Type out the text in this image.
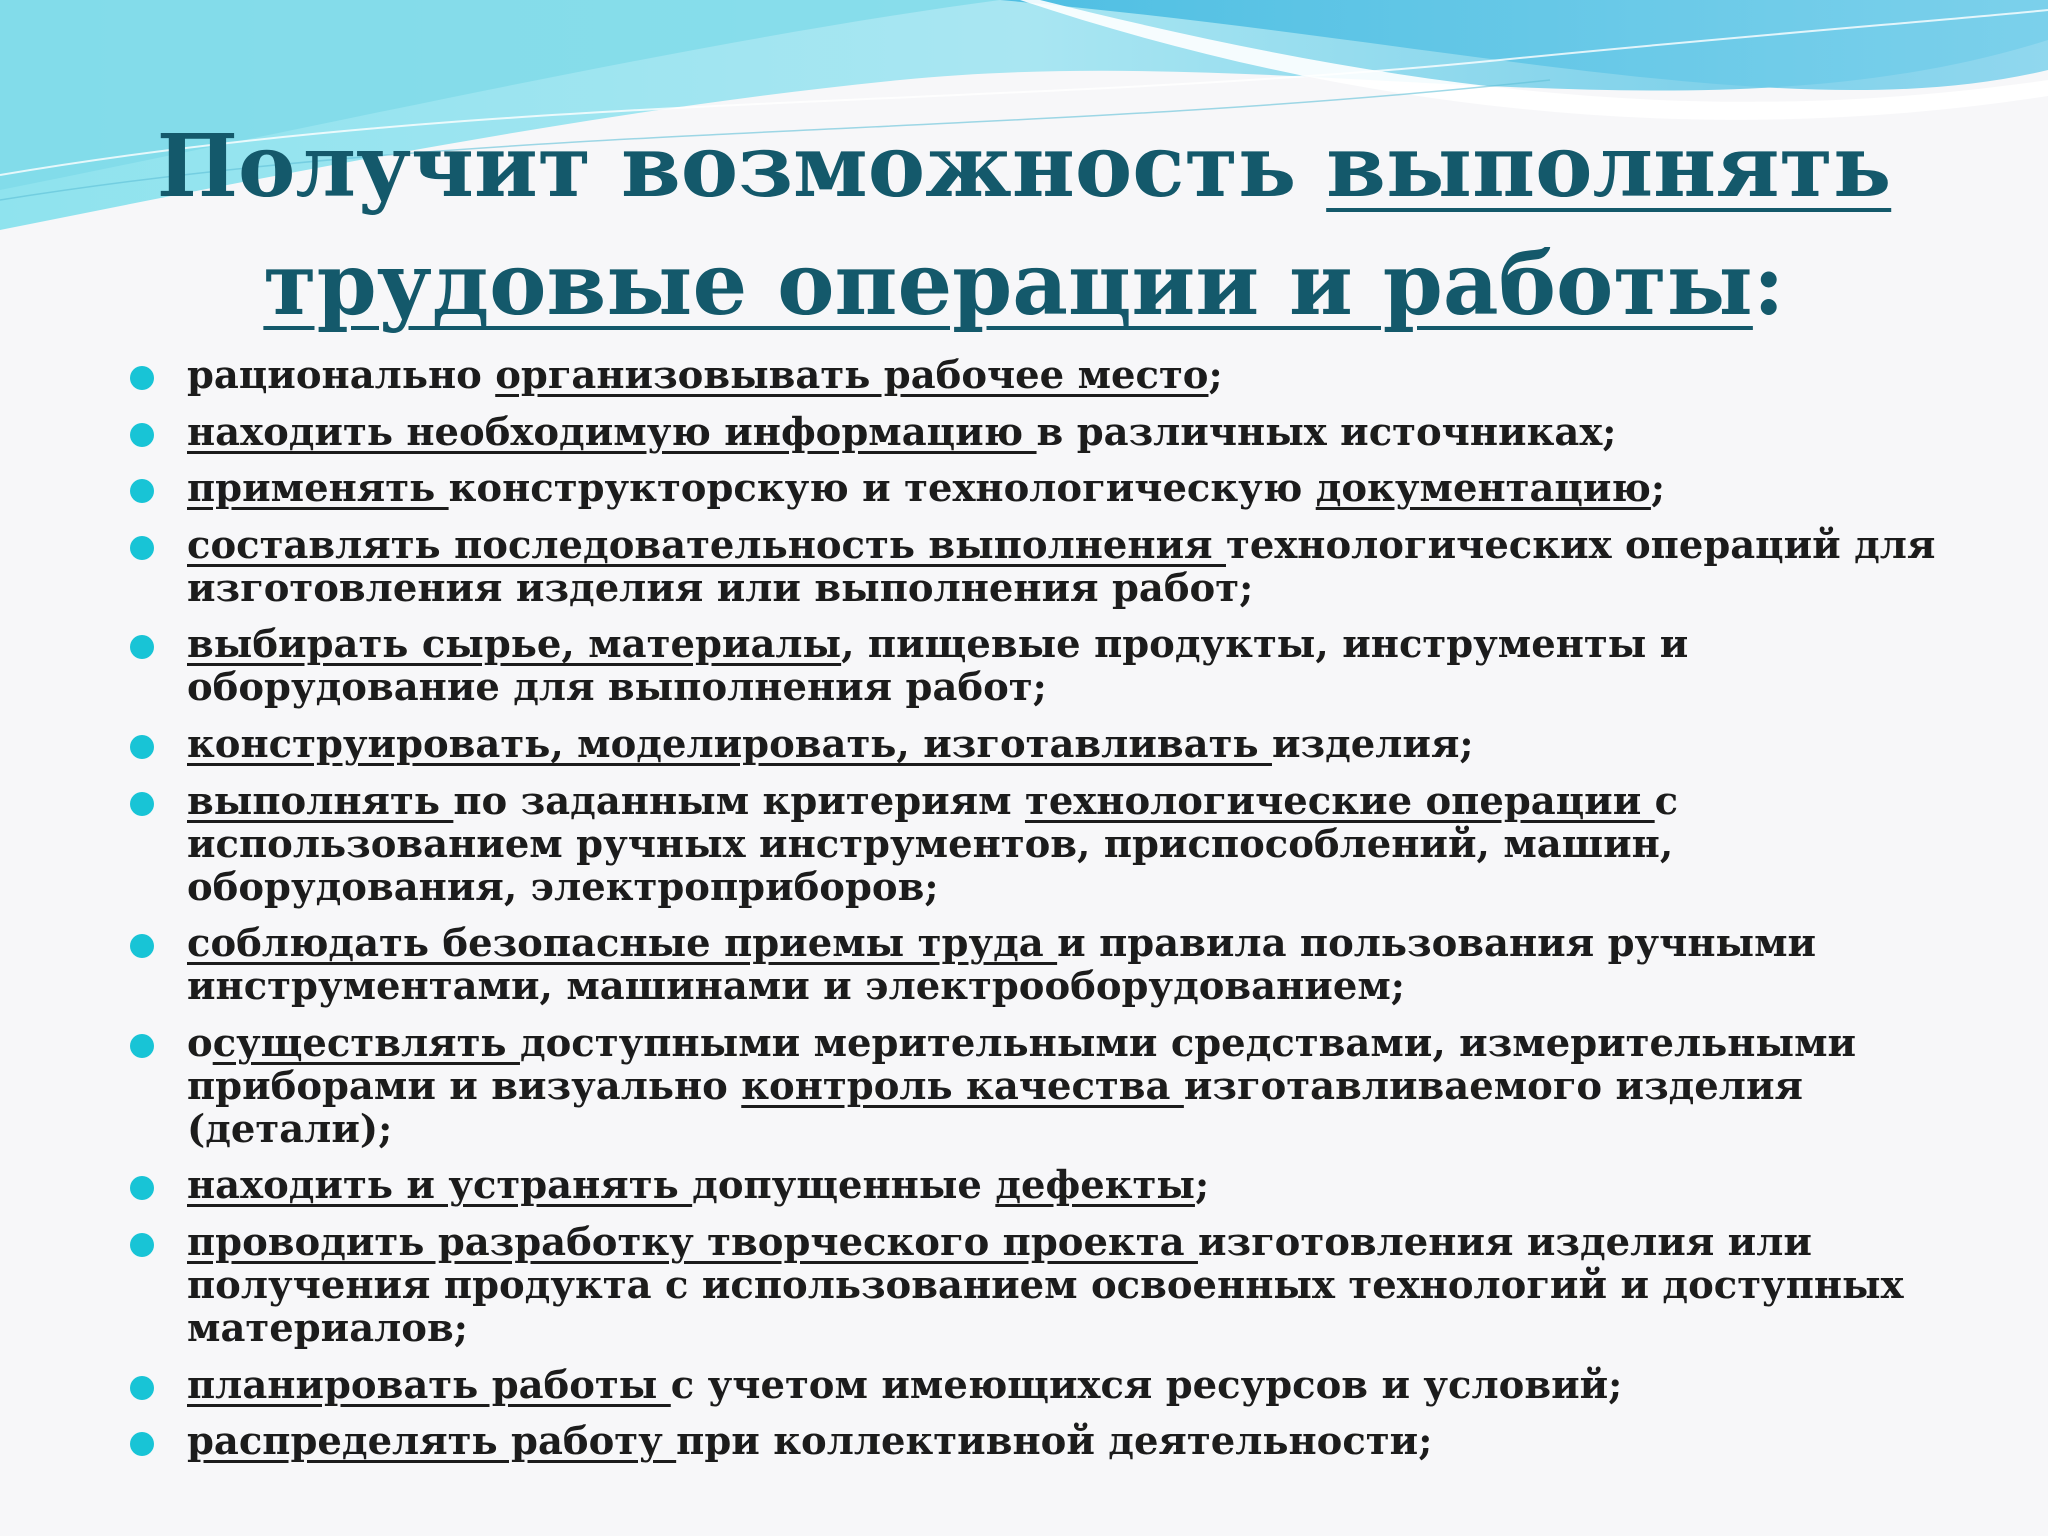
Получит возможность выполнять трудовые операции и работы:
рационально организовывать рабочее место;
находить необходимую информацию в различных источниках;
применять конструкторскую и технологическую документацию;
составлять последовательность выполнения технологических операций для изготовления изделия или выполнения работ;
выбирать сырье, материалы, пищевые продукты, инструменты и оборудование для выполнения работ;
конструировать, моделировать, изготавливать изделия;
выполнять по заданным критериям технологические операции с использованием ручных инструментов, приспособлений, машин, оборудования, электроприборов;
соблюдать безопасные приемы труда и правила пользования ручными инструментами, машинами и электрооборудованием;
осуществлять доступными мерительными средствами, измерительными приборами и визуально контроль качества изготавливаемого изделия (детали);
находить и устранять допущенные дефекты;
проводить разработку творческого проекта изготовления изделия или получения продукта с использованием освоенных технологий и доступных материалов;
планировать работы с учетом имеющихся ресурсов и условий;
распределять работу при коллективной деятельности;
